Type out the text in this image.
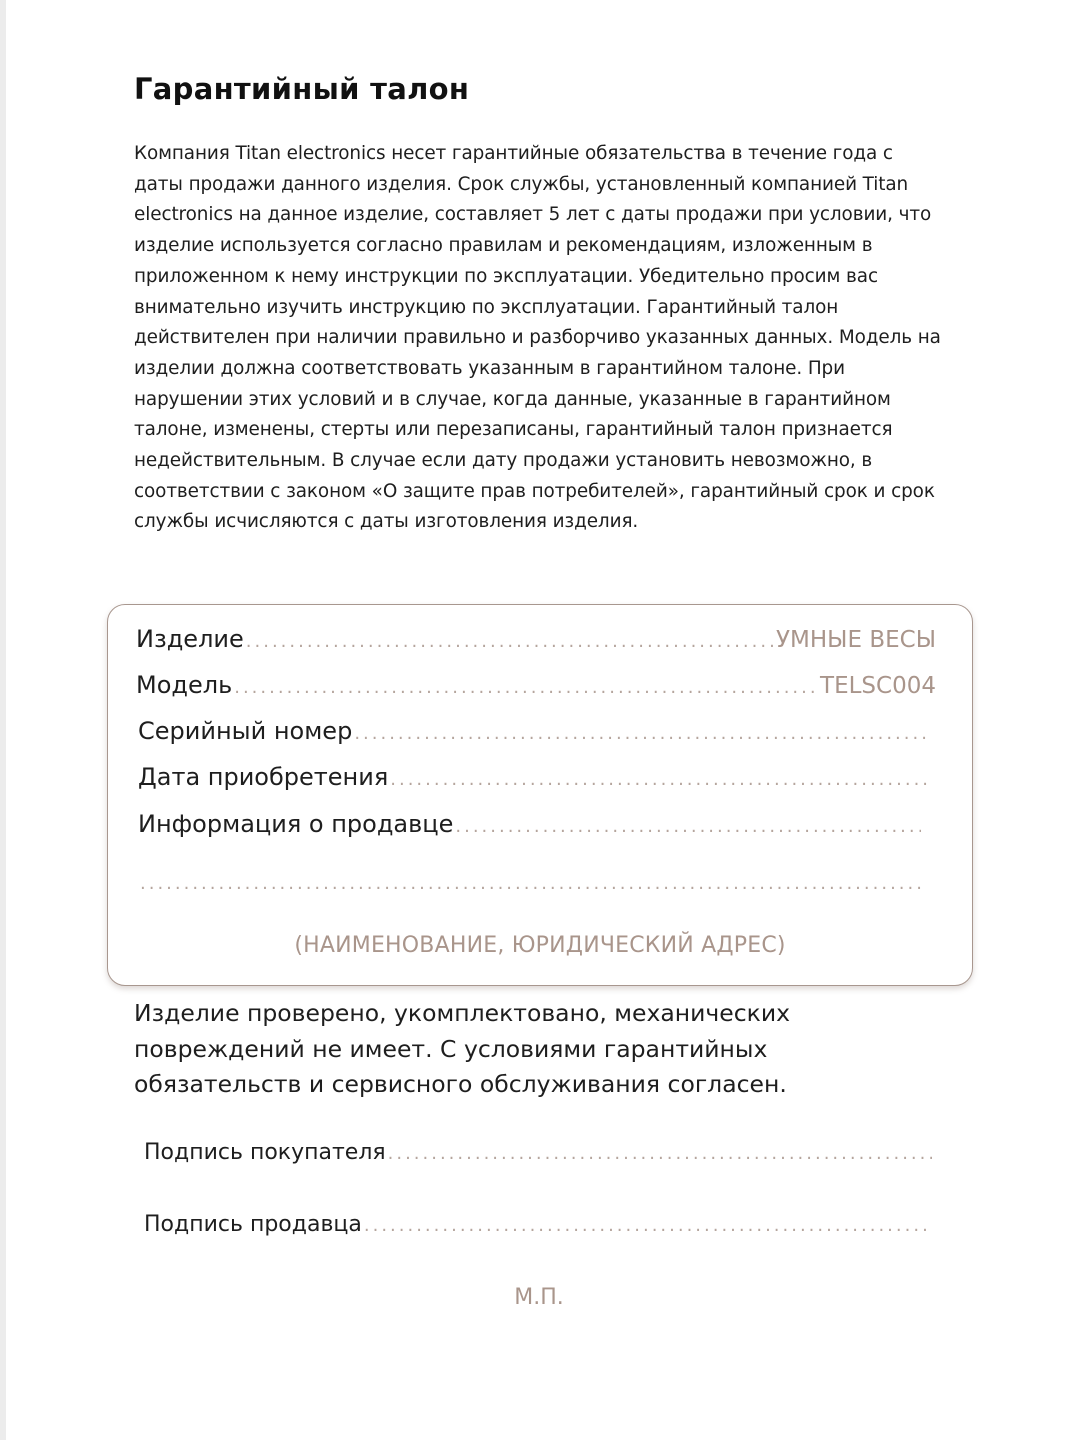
Гарантийный талон

Компания Titan electronics несет гарантийные обязательства в течение года с даты продажи данного изделия. Срок службы, установленный компанией Titan electronics на данное изделие, составляет 5 лет с даты продажи при условии, что изделие используется согласно правилам и рекомендациям, изложенным в приложенном к нему инструкции по эксплуатации. Убедительно просим вас внимательно изучить инструкцию по эксплуатации. Гарантийный талон действителен при наличии правильно и разборчиво указанных данных. Модель на изделии должна соответствовать указанным в гарантийном талоне. При нарушении этих условий и в случае, когда данные, указанные в гарантийном талоне, изменены, стерты или перезаписаны, гарантийный талон признается недействительным. В случае если дату продажи установить невозможно, в соответствии с законом «О защите прав потребителей», гарантийный срок и срок службы исчисляются с даты изготовления изделия.

Изделие проверено, укомплектовано, механических повреждений не имеет. С условиями гарантийных обязательств и сервисного обслуживания согласен.

Подпись покупателя
.....
Подпись продавца
.....
М.П.
Изделие .....	УМНЫЕ ВЕСЫ
Модель .....	TELSC004
Серийный номер
.....
Дата приобретения
.....
Информация о продавце
.....
.....
(НАИМЕНОВАНИЕ, ЮРИДИЧЕСКИЙ АДРЕС)
